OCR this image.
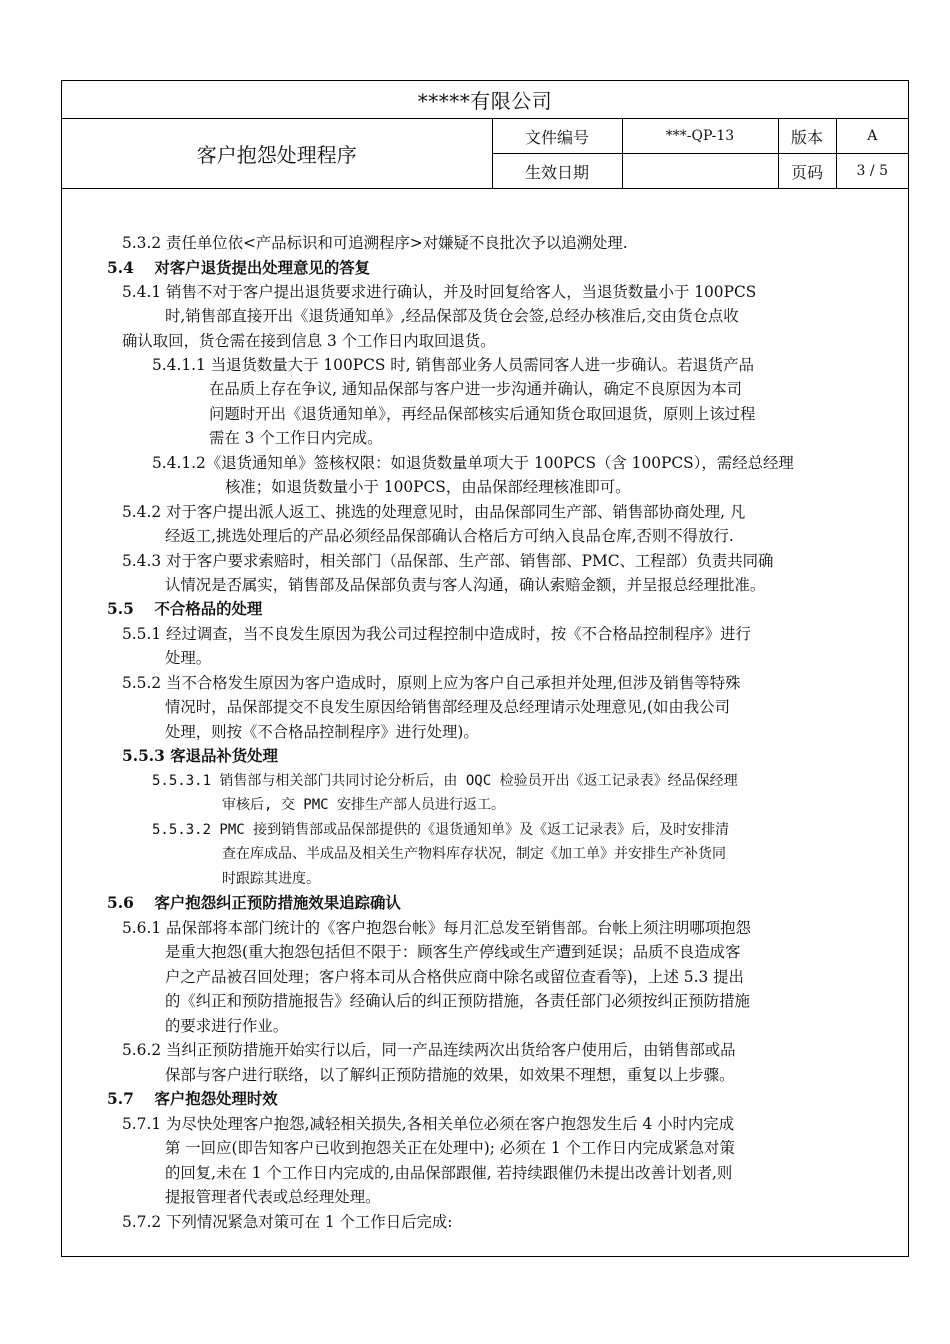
*****有限公司				
客户抱怨处理程序	文件编号	***-QP-13	版本	A
	生效日期		页码	3 / 5
5.3.2 责任单位依<产品标识和可追溯程序>对嫌疑不良批次予以追溯处理.
5.4　 对客户退货提出处理意见的答复
5.4.1 销售不对于客户提出退货要求进行确认，并及时回复给客人，当退货数量小于 100PCS
时,销售部直接开出《退货通知单》,经品保部及货仓会签,总经办核准后,交由货仓点收
确认取回，货仓需在接到信息 3 个工作日内取回退货。
5.4.1.1 当退货数量大于 100PCS 时, 销售部业务人员需同客人进一步确认。若退货产品
在品质上存在争议, 通知品保部与客户进一步沟通并确认，确定不良原因为本司
问题时开出《退货通知单》，再经品保部核实后通知货仓取回退货，原则上该过程
需在 3 个工作日内完成。
5.4.1.2《退货通知单》签核权限：如退货数量单项大于 100PCS（含 100PCS），需经总经理
核准；如退货数量小于 100PCS，由品保部经理核准即可。
5.4.2 对于客户提出派人返工、挑选的处理意见时，由品保部同生产部、销售部协商处理, 凡
经返工,挑选处理后的产品必须经品保部确认合格后方可纳入良品仓库,否则不得放行.
5.4.3 对于客户要求索赔时，相关部门（品保部、生产部、销售部、PMC、工程部）负责共同确
认情况是否属实，销售部及品保部负责与客人沟通，确认索赔金额，并呈报总经理批准。
5.5　 不合格品的处理
5.5.1 经过调查，当不良发生原因为我公司过程控制中造成时，按《不合格品控制程序》进行
处理。
5.5.2 当不合格发生原因为客户造成时，原则上应为客户自己承担并处理,但涉及销售等特殊
情况时，品保部提交不良发生原因给销售部经理及总经理请示处理意见,(如由我公司
处理，则按《不合格品控制程序》进行处理)。
5.5.3 客退品补货处理
5.5.3.1 销售部与相关部门共同讨论分析后，由 OQC 检验员开出《返工记录表》经品保经理
审核后, 交 PMC 安排生产部人员进行返工。
5.5.3.2 PMC 接到销售部或品保部提供的《退货通知单》及《返工记录表》后，及时安排清
查在库成品、半成品及相关生产物料库存状况，制定《加工单》并安排生产补货同
时跟踪其进度。
5.6　 客户抱怨纠正预防措施效果追踪确认
5.6.1 品保部将本部门统计的《客户抱怨台帐》每月汇总发至销售部。台帐上须注明哪项抱怨
是重大抱怨(重大抱怨包括但不限于：顾客生产停线或生产遭到延误；品质不良造成客
户之产品被召回处理；客户将本司从合格供应商中除名或留位查看等)，上述 5.3 提出
的《纠正和预防措施报告》经确认后的纠正预防措施，各责任部门必须按纠正预防措施
的要求进行作业。
5.6.2 当纠正预防措施开始实行以后，同一产品连续两次出货给客户使用后，由销售部或品
保部与客户进行联络，以了解纠正预防措施的效果，如效果不理想，重复以上步骤。
5.7　 客户抱怨处理时效
5.7.1 为尽快处理客户抱怨,减轻相关损失,各相关单位必须在客户抱怨发生后 4 小时内完成
第 一回应(即告知客户已收到抱怨关正在处理中); 必须在 1 个工作日内完成紧急对策
的回复,未在 1 个工作日内完成的,由品保部跟催, 若持续跟催仍未提出改善计划者,则
提报管理者代表或总经理处理。
5.7.2 下列情况紧急对策可在 1 个工作日后完成:
